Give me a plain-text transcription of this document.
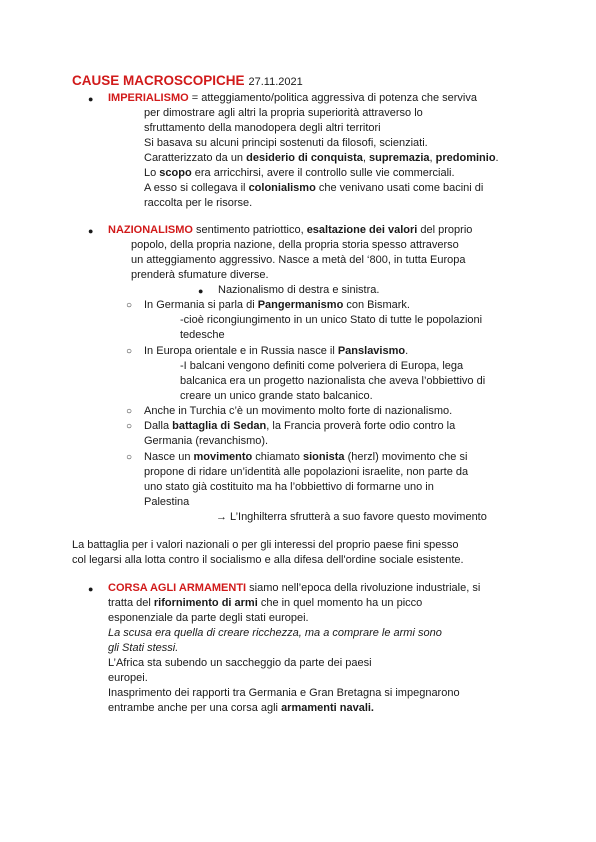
CAUSE MACROSCOPICHE 27.11.2021
● IMPERIALISMO = atteggiamento/politica aggressiva di potenza che serviva
per dimostrare agli altri la propria superiorità attraverso lo
sfruttamento della manodopera degli altri territori
Si basava su alcuni principi sostenuti da filosofi, scienziati.
Caratterizzato da un desiderio di conquista, supremazia, predominio.
Lo scopo era arricchirsi, avere il controllo sulle vie commerciali.
A esso si collegava il colonialismo che venivano usati come bacini di
raccolta per le risorse.
● NAZIONALISMO sentimento patriottico, esaltazione dei valori del proprio
popolo, della propria nazione, della propria storia spesso attraverso
un atteggiamento aggressivo. Nasce a metà del ‘800, in tutta Europa
prenderà sfumature diverse.
● Nazionalismo di destra e sinistra.
○ In Germania si parla di Pangermanismo con Bismark.
-cioè ricongiungimento in un unico Stato di tutte le popolazioni
tedesche
○ In Europa orientale e in Russia nasce il Panslavismo.
-I balcani vengono definiti come polveriera di Europa, lega
balcanica era un progetto nazionalista che aveva l’obbiettivo di
creare un unico grande stato balcanico.
○ Anche in Turchia c’è un movimento molto forte di nazionalismo.
○ Dalla battaglia di Sedan, la Francia proverà forte odio contro la
Germania (revanchismo).
○ Nasce un movimento chiamato sionista (herzl) movimento che si
propone di ridare un’identità alle popolazioni israelite, non parte da
uno stato già costituito ma ha l’obbiettivo di formarne uno in
Palestina
→ L’Inghilterra sfrutterà a suo favore questo movimento
La battaglia per i valori nazionali o per gli interessi del proprio paese fini spesso
col legarsi alla lotta contro il socialismo e alla difesa dell'ordine sociale esistente.
● CORSA AGLI ARMAMENTI siamo nell’epoca della rivoluzione industriale, si
tratta del rifornimento di armi che in quel momento ha un picco
esponenziale da parte degli stati europei.
La scusa era quella di creare ricchezza, ma a comprare le armi sono
gli Stati stessi.
L’Africa sta subendo un saccheggio da parte dei paesi
europei.
Inasprimento dei rapporti tra Germania e Gran Bretagna si impegnarono
entrambe anche per una corsa agli armamenti navali.
